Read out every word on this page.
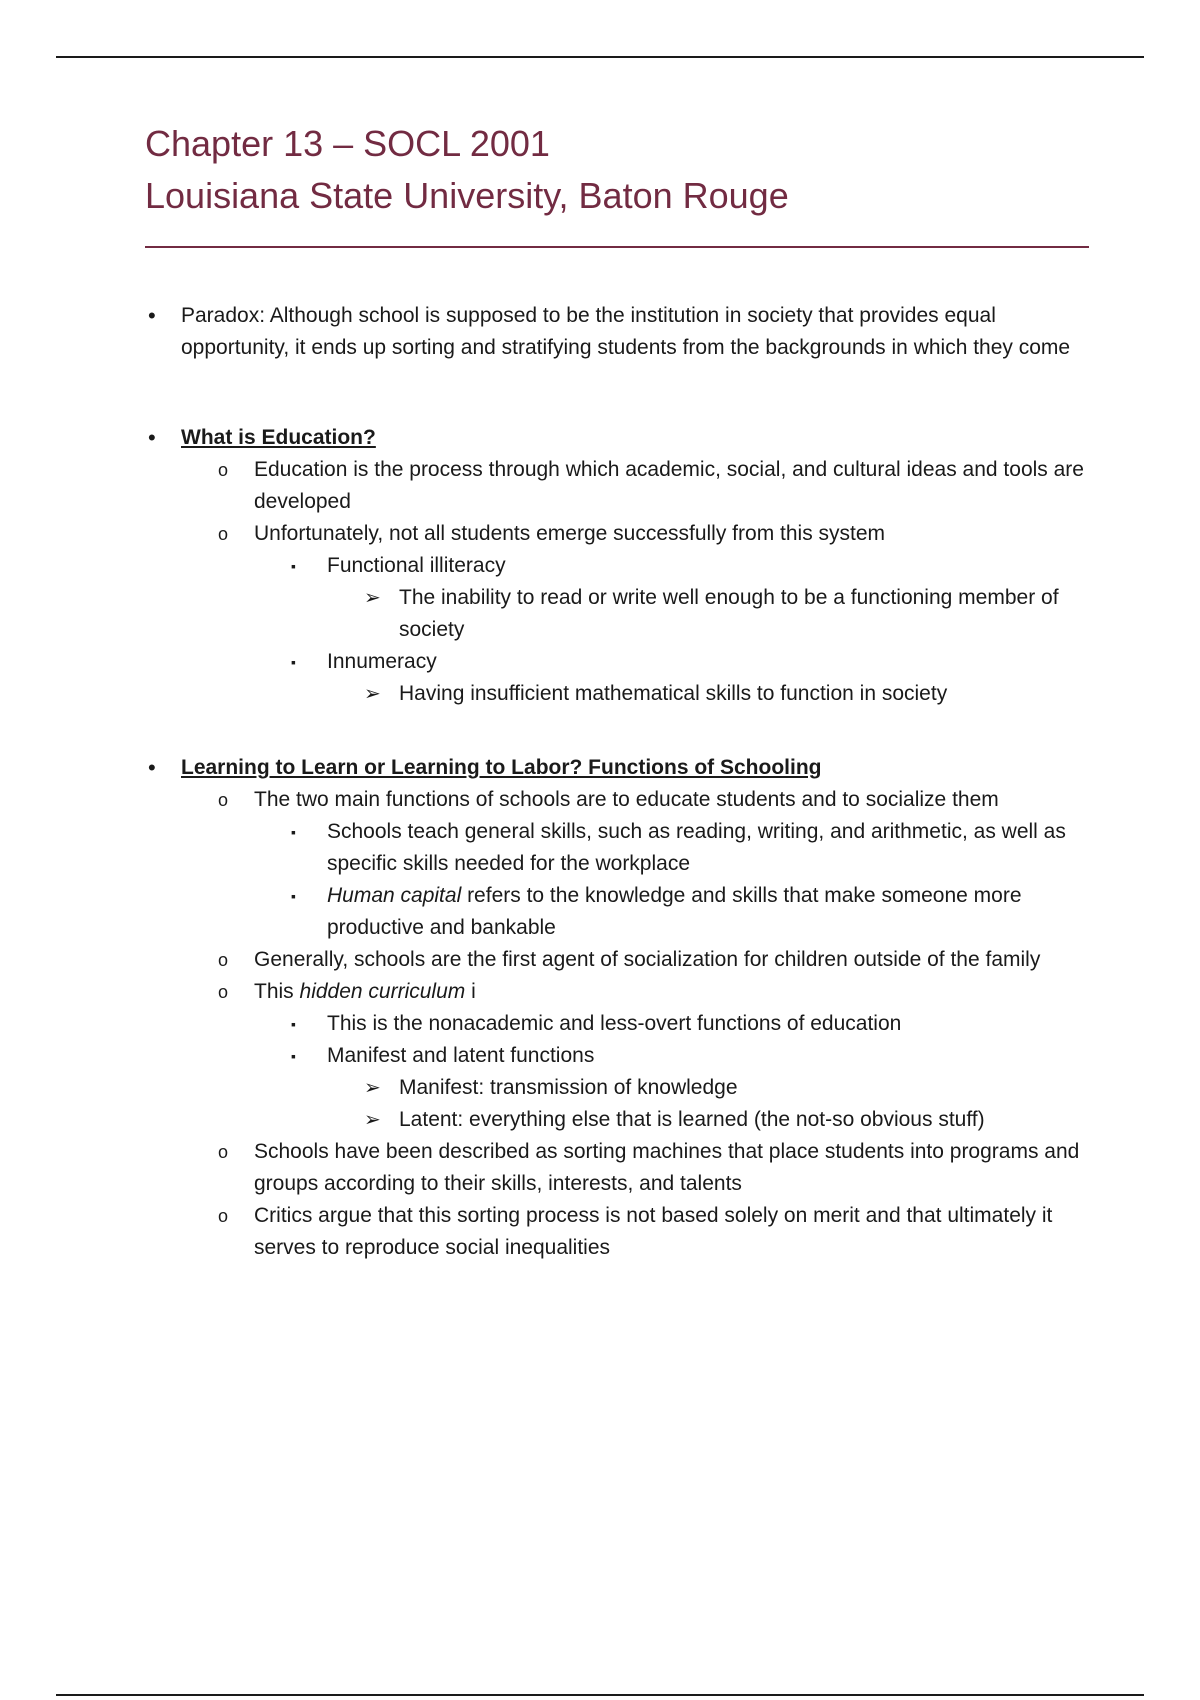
Chapter 13 – SOCL 2001
Louisiana State University, Baton Rouge
• Paradox: Although school is supposed to be the institution in society that provides equal opportunity, it ends up sorting and stratifying students from the backgrounds in which they come
• What is Education?
o Education is the process through which academic, social, and cultural ideas and tools are developed
o Unfortunately, not all students emerge successfully from this system
▪ Functional illiteracy
➢ The inability to read or write well enough to be a functioning member of society
▪ Innumeracy
➢ Having insufficient mathematical skills to function in society
• Learning to Learn or Learning to Labor? Functions of Schooling
o The two main functions of schools are to educate students and to socialize them
▪ Schools teach general skills, such as reading, writing, and arithmetic, as well as specific skills needed for the workplace
▪ Human capital refers to the knowledge and skills that make someone more productive and bankable
o Generally, schools are the first agent of socialization for children outside of the family
o This hidden curriculum i
▪ This is the nonacademic and less-overt functions of education
▪ Manifest and latent functions
➢ Manifest: transmission of knowledge
➢ Latent: everything else that is learned (the not-so obvious stuff)
o Schools have been described as sorting machines that place students into programs and groups according to their skills, interests, and talents
o Critics argue that this sorting process is not based solely on merit and that ultimately it serves to reproduce social inequalities
